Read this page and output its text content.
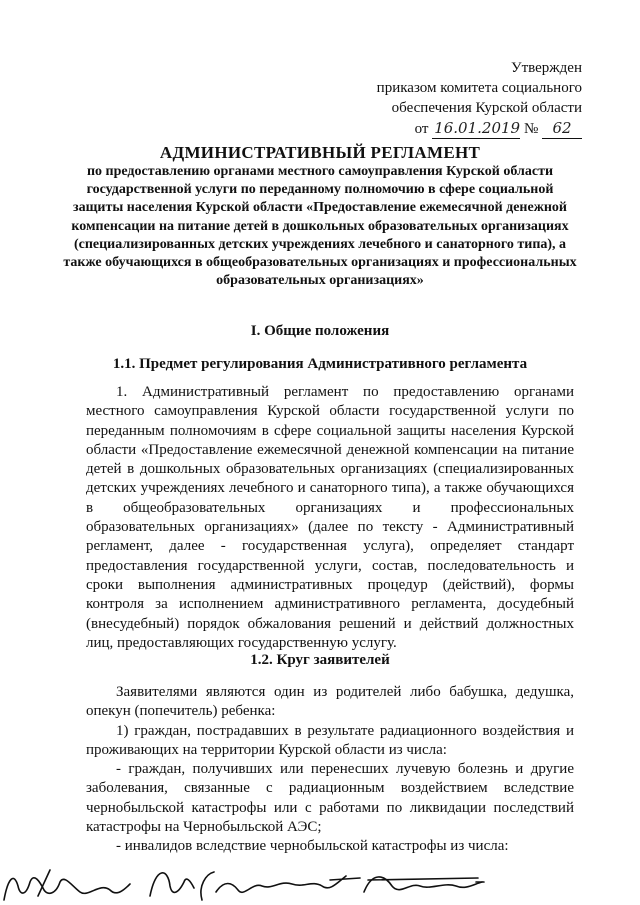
Утвержден
приказом комитета социального
обеспечения Курской области
от 16.01.2019 № 62
АДМИНИСТРАТИВНЫЙ РЕГЛАМЕНТ
по предоставлению органами местного самоуправления Курской области государственной услуги по переданному полномочию в сфере социальной защиты населения Курской области «Предоставление ежемесячной денежной компенсации на питание детей в дошкольных образовательных организациях (специализированных детских учреждениях лечебного и санаторного типа), а также обучающихся в общеобразовательных организациях и профессиональных образовательных организациях»
I. Общие положения
1.1. Предмет регулирования Административного регламента
1. Административный регламент по предоставлению органами местного самоуправления Курской области государственной услуги по переданным полномочиям в сфере социальной защиты населения Курской области «Предоставление ежемесячной денежной компенсации на питание детей в дошкольных образовательных организациях (специализированных детских учреждениях лечебного и санаторного типа), а также обучающихся в общеобразовательных организациях и профессиональных образовательных организациях» (далее по тексту - Административный регламент, далее - государственная услуга), определяет стандарт предоставления государственной услуги, состав, последовательность и сроки выполнения административных процедур (действий), формы контроля за исполнением административного регламента, досудебный (внесудебный) порядок обжалования решений и действий должностных лиц, предоставляющих государственную услугу.
1.2. Круг заявителей

Заявителями являются один из родителей либо бабушка, дедушка, опекун (попечитель) ребенка:

1) граждан, пострадавших в результате радиационного воздействия и проживающих на территории Курской области из числа:

- граждан, получивших или перенесших лучевую болезнь и другие заболевания, связанные с радиационным воздействием вследствие чернобыльской катастрофы или с работами по ликвидации последствий катастрофы на Чернобыльской АЭС;

- инвалидов вследствие чернобыльской катастрофы из числа:
